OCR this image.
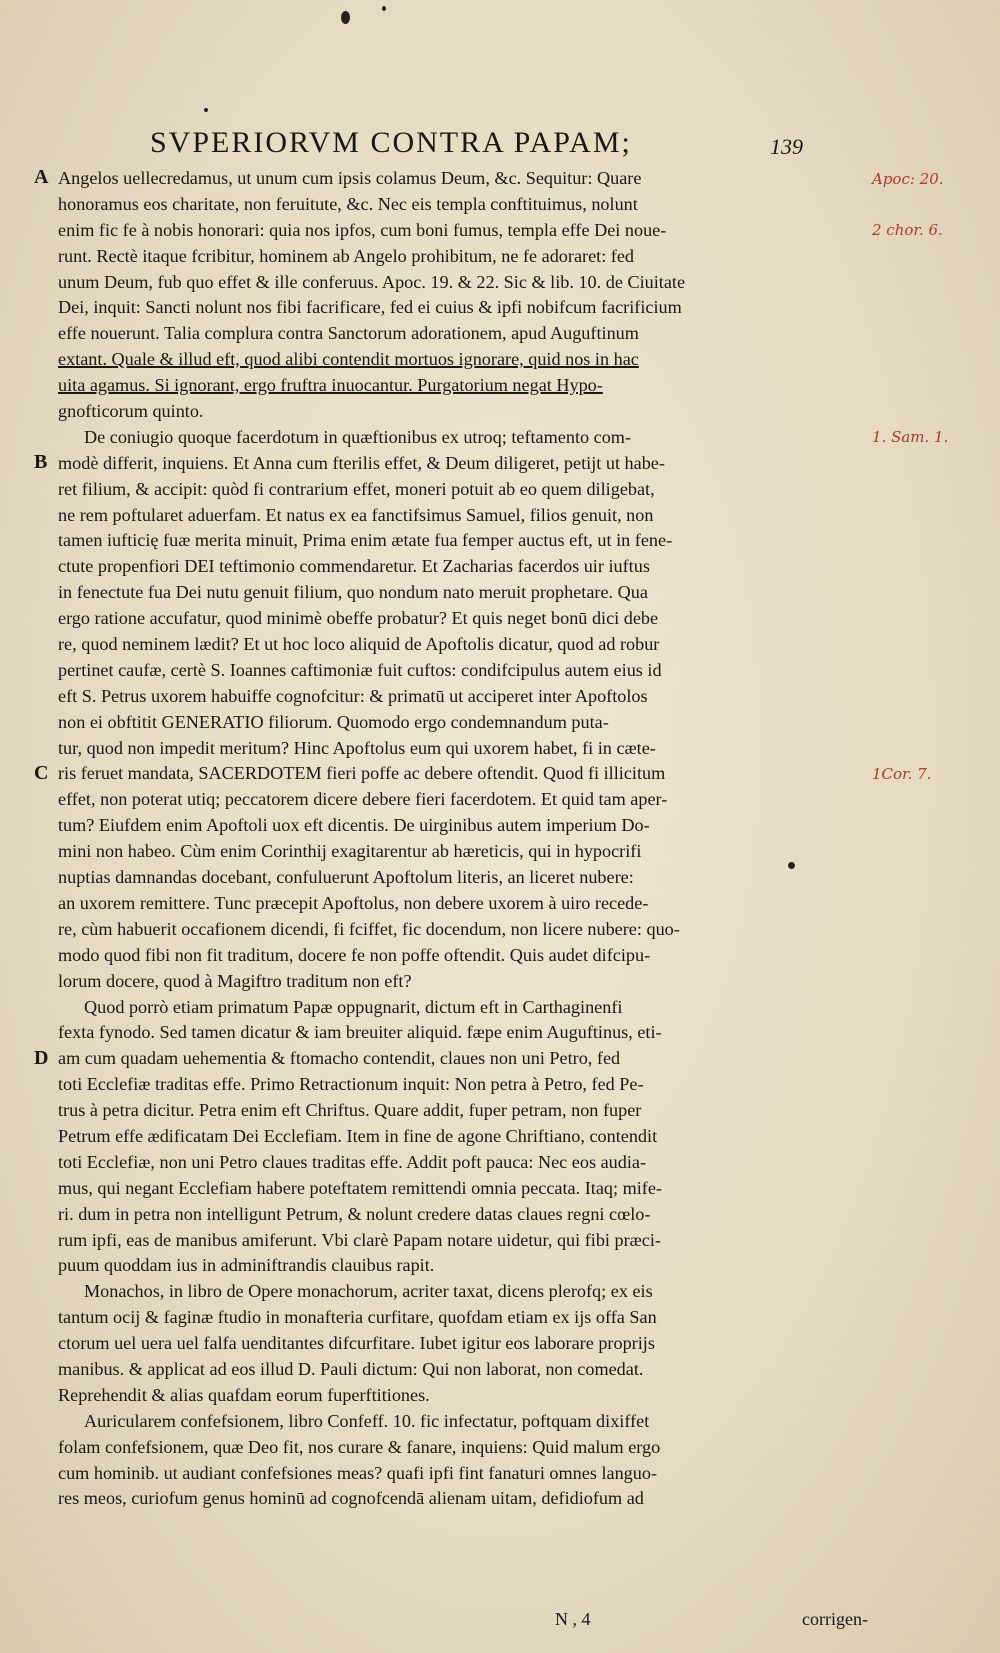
SVPERIORVM CONTRA PAPAM;	139
A
B
C
D
Apoc: 20.
2 chor. 6.
1. Sam. 1.
1Cor. 7.
Angelos uellecredamus, ut unum cum ipsis colamus Deum, &c. Sequitur: Quare
honoramus eos charitate, non feruitute, &c. Nec eis templa conftituimus, nolunt
enim fic fe à nobis honorari: quia nos ipfos, cum boni fumus, templa effe Dei noue-
runt. Rectè itaque fcribitur, hominem ab Angelo prohibitum, ne fe adoraret: fed
unum Deum, fub quo effet & ille conferuus. Apoc. 19. & 22. Sic & lib. 10. de Ciuitate
Dei, inquit: Sancti nolunt nos fibi facrificare, fed ei cuius & ipfi nobifcum facrificium
effe nouerunt. Talia complura contra Sanctorum adorationem, apud Auguftinum
extant. Quale & illud eft, quod alibi contendit mortuos ignorare, quid nos in hac
uita agamus. Si ignorant, ergo fruftra inuocantur. Purgatorium negat Hypo-
gnofticorum quinto.
De coniugio quoque facerdotum in quæftionibus ex utroq; teftamento com-
modè differit, inquiens. Et Anna cum fterilis effet, & Deum diligeret, petijt ut habe-
ret filium, & accipit: quòd fi contrarium effet, moneri potuit ab eo quem diligebat,
ne rem poftularet aduerfam. Et natus ex ea fanctifsimus Samuel, filios genuit, non
tamen iufticię fuæ merita minuit, Prima enim ætate fua femper auctus eft, ut in fene-
ctute propenfiori DEI teftimonio commendaretur. Et Zacharias facerdos uir iuftus
in fenectute fua Dei nutu genuit filium, quo nondum nato meruit prophetare. Qua
ergo ratione accufatur, quod minimè obeffe probatur? Et quis neget bonū dici debe
re, quod neminem lædit? Et ut hoc loco aliquid de Apoftolis dicatur, quod ad robur
pertinet caufæ, certè S. Ioannes caftimoniæ fuit cuftos: condifcipulus autem eius id
eft S. Petrus uxorem habuiffe cognofcitur: & primatū ut acciperet inter Apoftolos
non ei obftitit GENERATIO filiorum. Quomodo ergo condemnandum puta-
tur, quod non impedit meritum? Hinc Apoftolus eum qui uxorem habet, fi in cæte-
ris feruet mandata, SACERDOTEM fieri poffe ac debere oftendit. Quod fi illicitum
effet, non poterat utiq; peccatorem dicere debere fieri facerdotem. Et quid tam aper-
tum? Eiufdem enim Apoftoli uox eft dicentis. De uirginibus autem imperium Do-
mini non habeo. Cùm enim Corinthij exagitarentur ab hæreticis, qui in hypocrifi
nuptias damnandas docebant, confuluerunt Apoftolum literis, an liceret nubere:
an uxorem remittere. Tunc præcepit Apoftolus, non debere uxorem à uiro recede-
re, cùm habuerit occafionem dicendi, fi fciffet, fic docendum, non licere nubere: quo-
modo quod fibi non fit traditum, docere fe non poffe oftendit. Quis audet difcipu-
lorum docere, quod à Magiftro traditum non eft?
Quod porrò etiam primatum Papæ oppugnarit, dictum eft in Carthaginenfi
fexta fynodo. Sed tamen dicatur & iam breuiter aliquid. fæpe enim Auguftinus, eti-
am cum quadam uehementia & ftomacho contendit, claues non uni Petro, fed
toti Ecclefiæ traditas effe. Primo Retractionum inquit: Non petra à Petro, fed Pe-
trus à petra dicitur. Petra enim eft Chriftus. Quare addit, fuper petram, non fuper
Petrum effe ædificatam Dei Ecclefiam. Item in fine de agone Chriftiano, contendit
toti Ecclefiæ, non uni Petro claues traditas effe. Addit poft pauca: Nec eos audia-
mus, qui negant Ecclefiam habere poteftatem remittendi omnia peccata. Itaq; mife-
ri. dum in petra non intelligunt Petrum, & nolunt credere datas claues regni cœlo-
rum ipfi, eas de manibus amiferunt. Vbi clarè Papam notare uidetur, qui fibi præci-
puum quoddam ius in adminiftrandis clauibus rapit.
Monachos, in libro de Opere monachorum, acriter taxat, dicens plerofq; ex eis
tantum ocij & faginæ ftudio in monafteria curfitare, quofdam etiam ex ijs offa San
ctorum uel uera uel falfa uenditantes difcurfitare. Iubet igitur eos laborare proprijs
manibus. & applicat ad eos illud D. Pauli dictum: Qui non laborat, non comedat.
Reprehendit & alias quafdam eorum fuperftitiones.
Auricularem confefsionem, libro Confeff. 10. fic infectatur, poftquam dixiffet
folam confefsionem, quæ Deo fit, nos curare & fanare, inquiens: Quid malum ergo
cum hominib. ut audiant confefsiones meas? quafi ipfi fint fanaturi omnes languo-
res meos, curiofum genus hominū ad cognofcendā alienam uitam, defidiofum ad
N , 4	corrigen-
